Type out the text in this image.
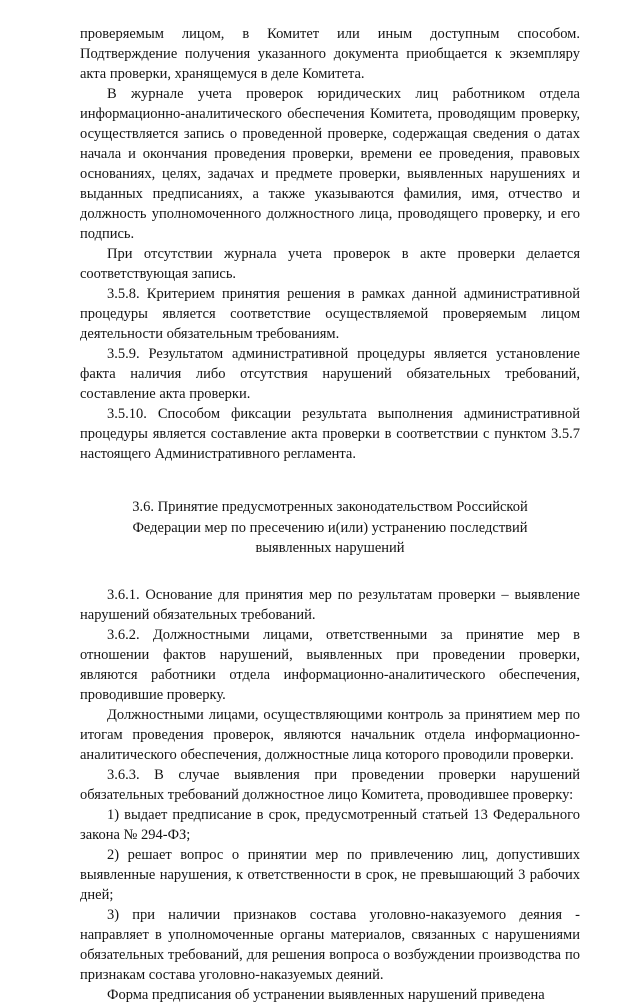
проверяемым лицом, в Комитет или иным доступным способом. Подтверждение получения указанного документа приобщается к экземпляру акта проверки, хранящемуся в деле Комитета.

В журнале учета проверок юридических лиц работником отдела информационно-аналитического обеспечения Комитета, проводящим проверку, осуществляется запись о проведенной проверке, содержащая сведения о датах начала и окончания проведения проверки, времени ее проведения, правовых основаниях, целях, задачах и предмете проверки, выявленных нарушениях и выданных предписаниях, а также указываются фамилия, имя, отчество и должность уполномоченного должностного лица, проводящего проверку, и его подпись.

При отсутствии журнала учета проверок в акте проверки делается соответствующая запись.

3.5.8. Критерием принятия решения в рамках данной административной процедуры является соответствие осуществляемой проверяемым лицом деятельности обязательным требованиям.

3.5.9. Результатом административной процедуры является установление факта наличия либо отсутствия нарушений обязательных требований, составление акта проверки.

3.5.10. Способом фиксации результата выполнения административной процедуры является составление акта проверки в соответствии с пунктом 3.5.7 настоящего Административного регламента.

3.6. Принятие предусмотренных законодательством Российской
Федерации мер по пресечению и(или) устранению последствий
выявленных нарушений

3.6.1. Основание для принятия мер по результатам проверки – выявление нарушений обязательных требований.

3.6.2. Должностными лицами, ответственными за принятие мер в отношении фактов нарушений, выявленных при проведении проверки, являются работники отдела информационно-аналитического обеспечения, проводившие проверку.

Должностными лицами, осуществляющими контроль за принятием мер по итогам проведения проверок, являются начальник отдела информационно-аналитического обеспечения, должностные лица которого проводили проверки.

3.6.3. В случае выявления при проведении проверки нарушений обязательных требований должностное лицо Комитета, проводившее проверку:

1) выдает предписание в срок, предусмотренный статьей 13 Федерального закона № 294-ФЗ;

2) решает вопрос о принятии мер по привлечению лиц, допустивших выявленные нарушения, к ответственности в срок, не превышающий 3 рабочих дней;

3) при наличии признаков состава уголовно-наказуемого деяния - направляет в уполномоченные органы материалов, связанных с нарушениями обязательных требований, для решения вопроса о возбуждении производства по признакам состава уголовно-наказуемых деяний.

Форма предписания об устранении выявленных нарушений приведена
